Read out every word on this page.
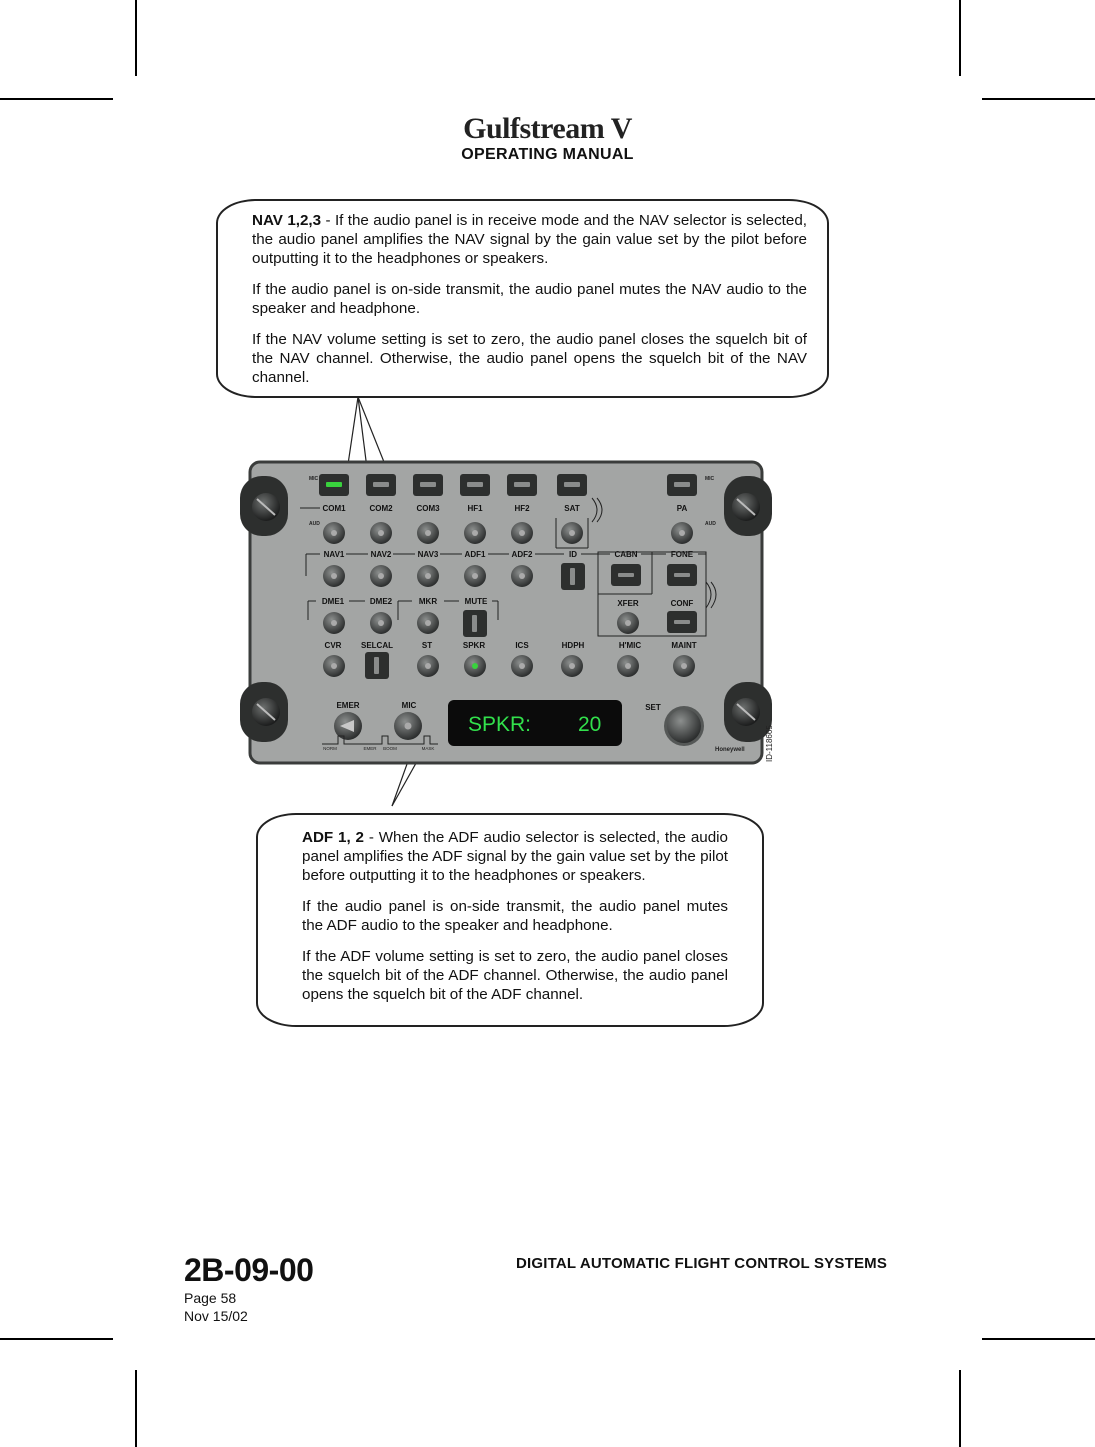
Gulfstream V
OPERATING MANUAL

NAV 1,2,3 - If the audio panel is in receive mode and the NAV selector is selected, the audio panel amplifies the NAV signal by the gain value set by the pilot before outputting it to the headphones or speakers.

If the audio panel is on-side transmit, the audio panel mutes the NAV audio to the speaker and headphone.

If the NAV volume setting is set to zero, the audio panel closes the squelch bit of the NAV channel. Otherwise, the audio panel opens the squelch bit of the NAV channel.

MIC
AUD
MIC
AUD
COM1	COM2	COM3	HF1	HF2	SAT	PA
NAV1	NAV2	NAV3	ADF1	ADF2	ID	CABN	FONE
DME1	DME2	MKR	MUTE	XFER	CONF
CVR SELCAL	ST	SPKR	ICS	HDPH	H'MIC	MAINT
EMER	MIC	SET
NORM	EMER BOOM	MASK
SPKR: 20
Honeywell	ID-118665

ADF 1, 2 - When the ADF audio selector is selected, the audio panel amplifies the ADF signal by the gain value set by the pilot before outputting it to the headphones or speakers.

If the audio panel is on-side transmit, the audio panel mutes the ADF audio to the speaker and headphone.

If the ADF volume setting is set to zero, the audio panel closes the squelch bit of the ADF channel. Otherwise, the audio panel opens the squelch bit of the ADF channel.

2B-09-00
Page 58
Nov 15/02
DIGITAL AUTOMATIC FLIGHT CONTROL SYSTEMS
